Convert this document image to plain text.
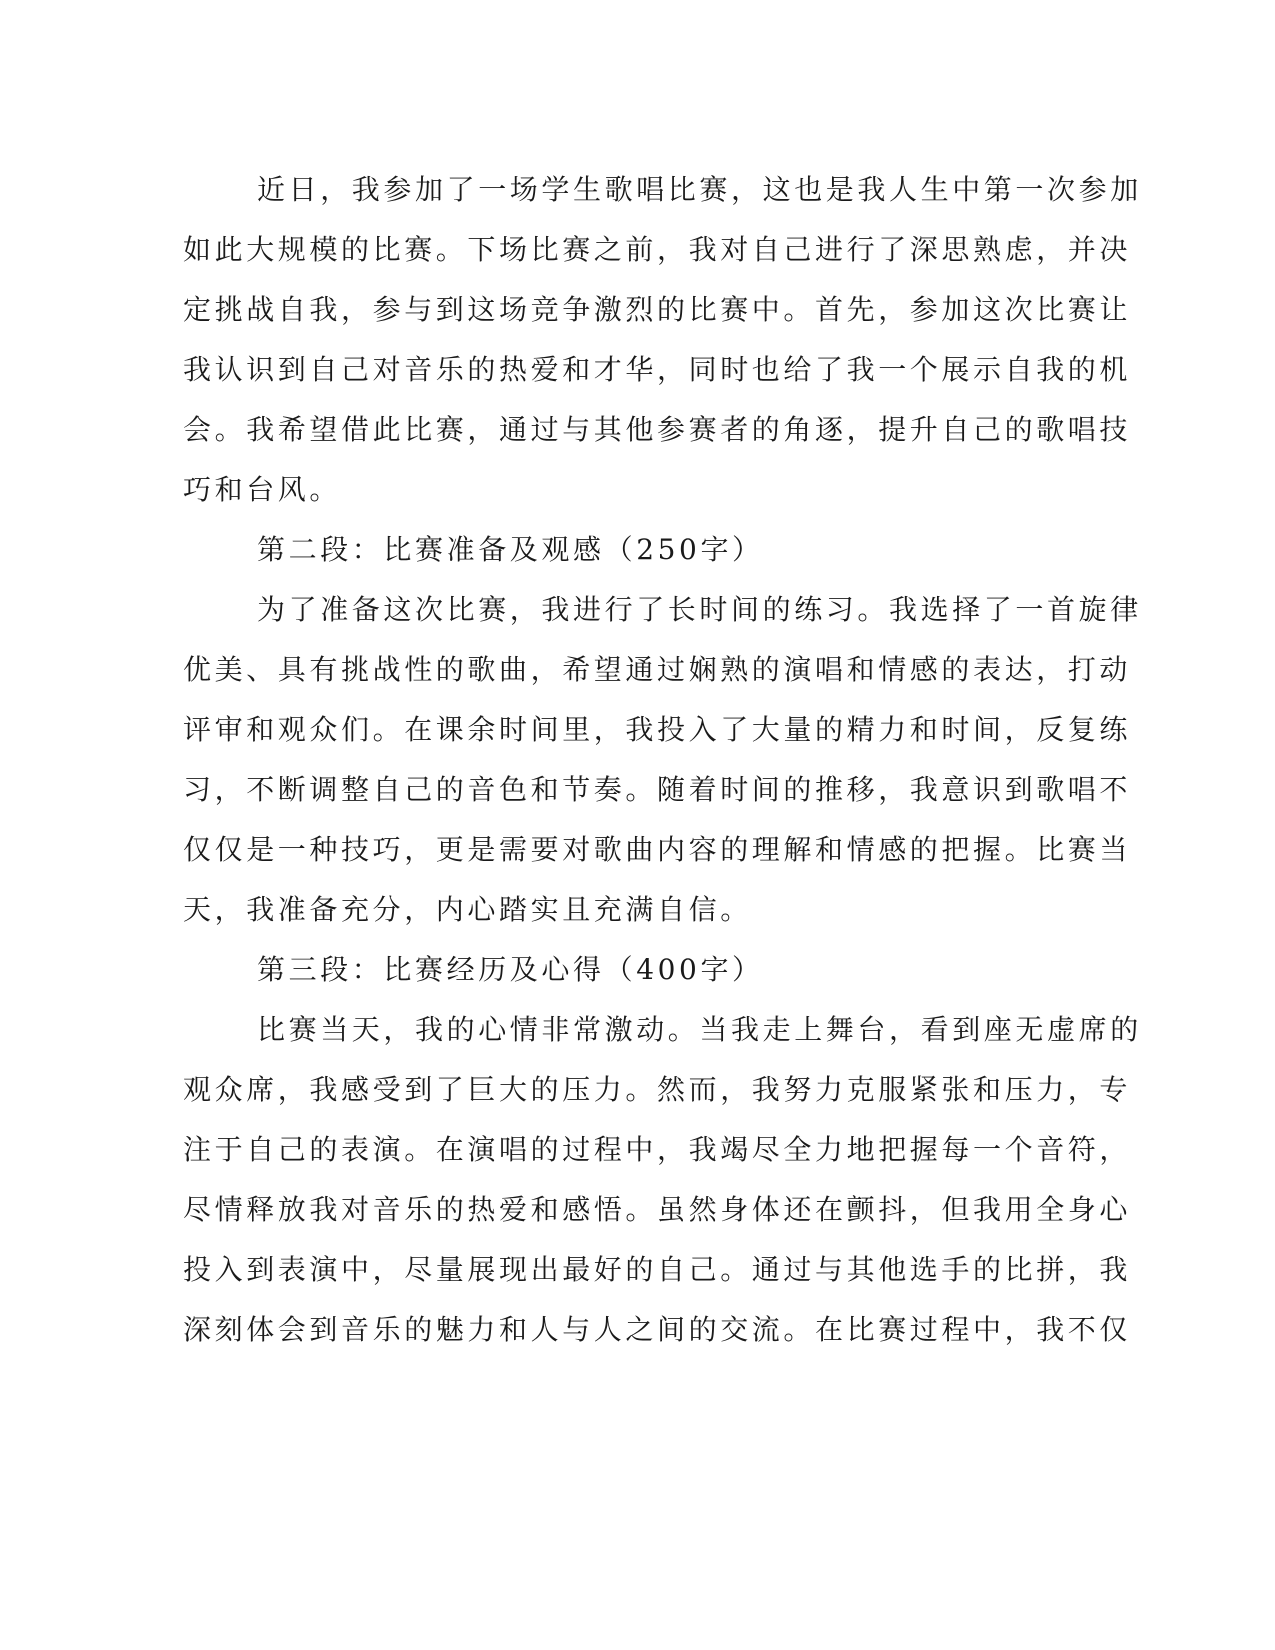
近日，我参加了一场学生歌唱比赛，这也是我人生中第一次参加
如此大规模的比赛。下场比赛之前，我对自己进行了深思熟虑，并决
定挑战自我，参与到这场竞争激烈的比赛中。首先，参加这次比赛让
我认识到自己对音乐的热爱和才华，同时也给了我一个展示自我的机
会。我希望借此比赛，通过与其他参赛者的角逐，提升自己的歌唱技
巧和台风。
第二段：比赛准备及观感（250字）
为了准备这次比赛，我进行了长时间的练习。我选择了一首旋律
优美、具有挑战性的歌曲，希望通过娴熟的演唱和情感的表达，打动
评审和观众们。在课余时间里，我投入了大量的精力和时间，反复练
习，不断调整自己的音色和节奏。随着时间的推移，我意识到歌唱不
仅仅是一种技巧，更是需要对歌曲内容的理解和情感的把握。比赛当
天，我准备充分，内心踏实且充满自信。
第三段：比赛经历及心得（400字）
比赛当天，我的心情非常激动。当我走上舞台，看到座无虚席的
观众席，我感受到了巨大的压力。然而，我努力克服紧张和压力，专
注于自己的表演。在演唱的过程中，我竭尽全力地把握每一个音符，
尽情释放我对音乐的热爱和感悟。虽然身体还在颤抖，但我用全身心
投入到表演中，尽量展现出最好的自己。通过与其他选手的比拼，我
深刻体会到音乐的魅力和人与人之间的交流。在比赛过程中，我不仅
